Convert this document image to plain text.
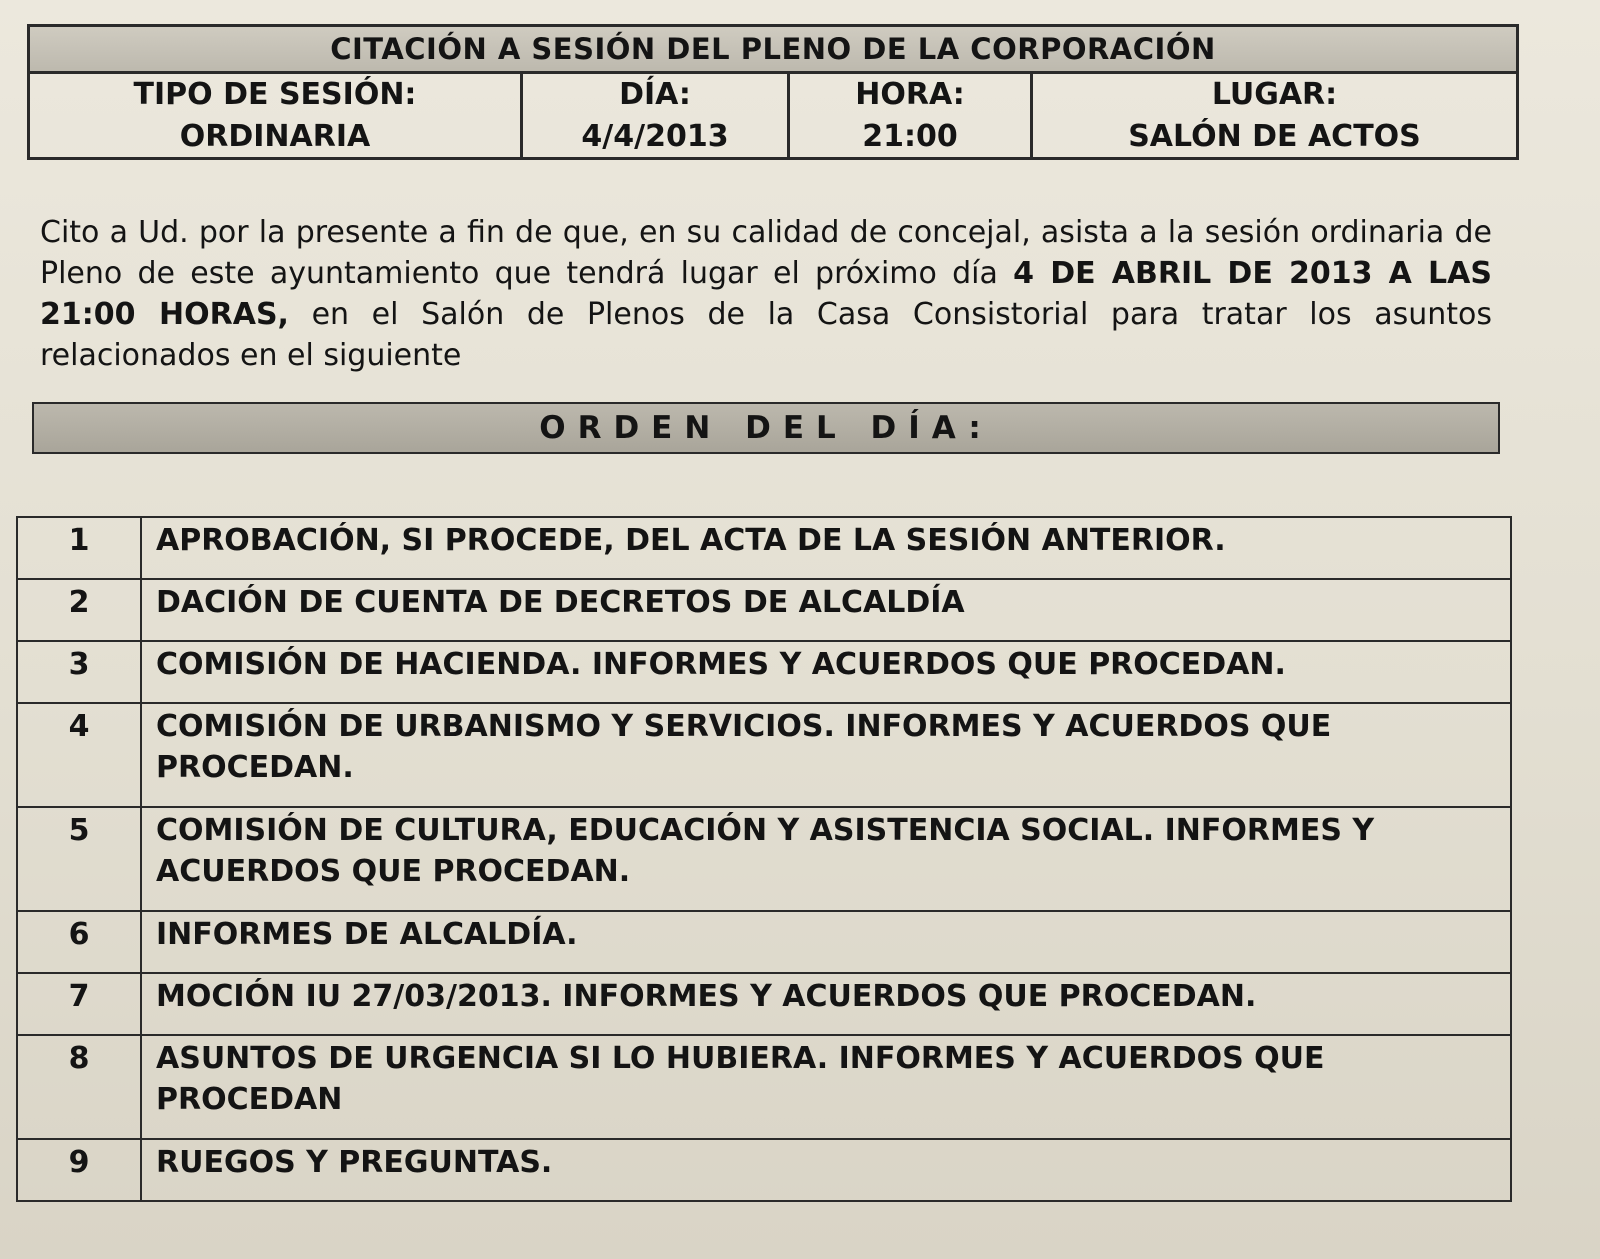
CITACIÓN A SESIÓN DEL PLENO DE LA CORPORACIÓN
TIPO DE SESIÓN:
ORDINARIA
DÍA:
4/4/2013
HORA:
21:00
LUGAR:
SALÓN DE ACTOS
Cito a Ud. por la presente a fin de que, en su calidad de concejal, asista a la sesión ordinaria de Pleno de este ayuntamiento que tendrá lugar el próximo día 4 DE ABRIL DE 2013 A LAS 21:00 HORAS, en el Salón de Plenos de la Casa Consistorial para tratar los asuntos relacionados en el siguiente
ORDEN DEL DÍA:
1	APROBACIÓN, SI PROCEDE, DEL ACTA DE LA SESIÓN ANTERIOR.
2	DACIÓN DE CUENTA DE DECRETOS DE ALCALDÍA
3	COMISIÓN DE HACIENDA. INFORMES Y ACUERDOS QUE PROCEDAN.
4	COMISIÓN DE URBANISMO Y SERVICIOS. INFORMES Y ACUERDOS QUE PROCEDAN.
5	COMISIÓN DE CULTURA, EDUCACIÓN Y ASISTENCIA SOCIAL. INFORMES Y ACUERDOS QUE PROCEDAN.
6	INFORMES DE ALCALDÍA.
7	MOCIÓN IU 27/03/2013. INFORMES Y ACUERDOS QUE PROCEDAN.
8	ASUNTOS DE URGENCIA SI LO HUBIERA. INFORMES Y ACUERDOS QUE PROCEDAN
9	RUEGOS Y PREGUNTAS.
